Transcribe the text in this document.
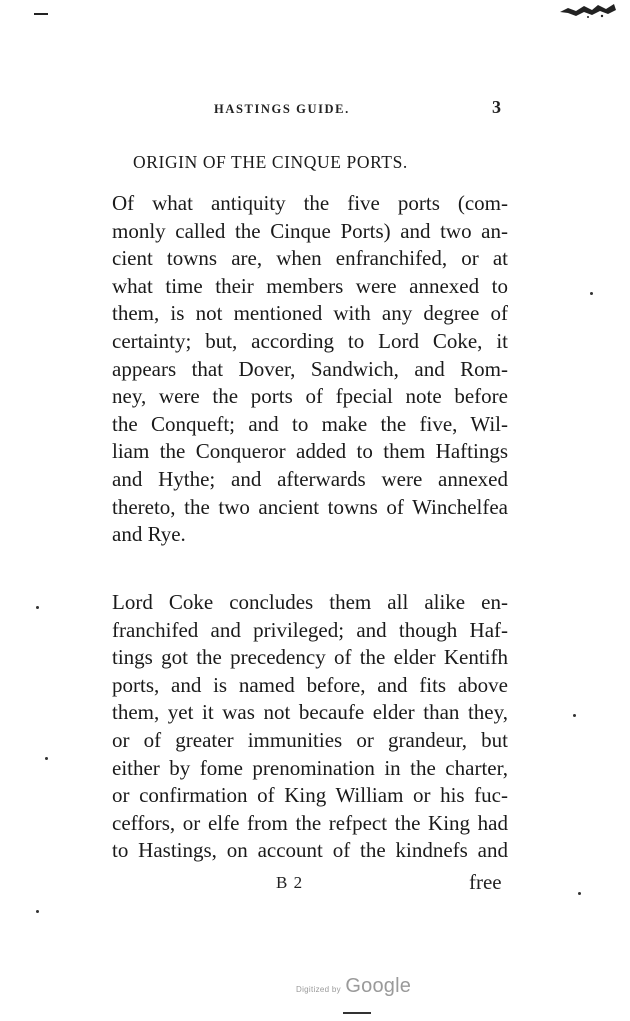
HASTINGS GUIDE.	3
ORIGIN OF THE CINQUE PORTS.

Of what antiquity the five ports (com-
monly called the Cinque Ports) and two an-
cient towns are, when enfranchifed, or at
what time their members were annexed to
them, is not mentioned with any degree of
certainty; but, according to Lord Coke, it
appears that Dover, Sandwich, and Rom-
ney, were the ports of fpecial note before
the Conqueft; and to make the five, Wil-
liam the Conqueror added to them Haftings
and Hythe; and afterwards were annexed
thereto, the two ancient towns of Winchelfea
and Rye.

Lord Coke concludes them all alike en-
franchifed and privileged; and though Haf-
tings got the precedency of the elder Kentifh
ports, and is named before, and fits above
them, yet it was not becaufe elder than they,
or of greater immunities or grandeur, but
either by fome prenomination in the charter,
or confirmation of King William or his fuc-
ceffors, or elfe from the refpect the King had
to Hastings, on account of the kindnefs and

B 2	free
Digitized by Google
